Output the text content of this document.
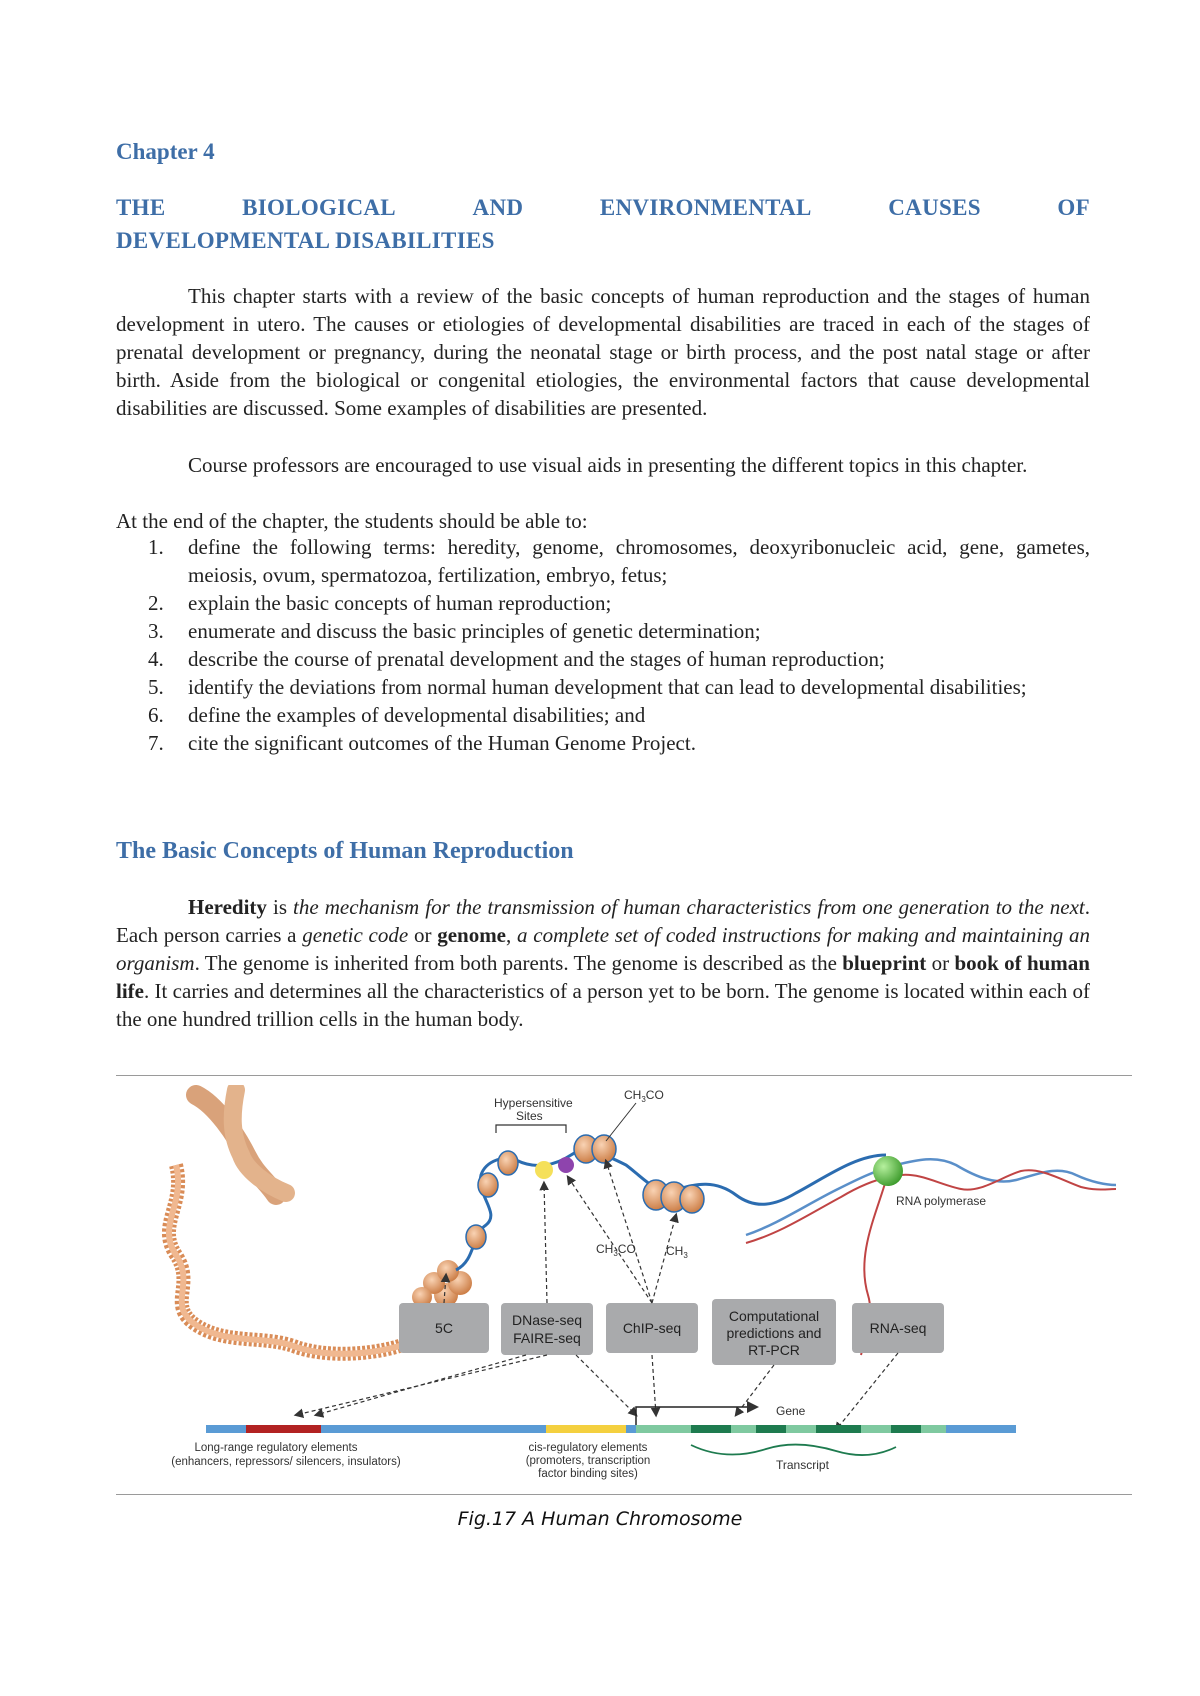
Chapter 4
THE	BIOLOGICAL	AND	ENVIRONMENTAL	CAUSES	OF
DEVELOPMENTAL DISABILITIES
This chapter starts with a review of the basic concepts of human reproduction and the stages of human development in utero. The causes or etiologies of developmental disabilities are traced in each of the stages of prenatal development or pregnancy, during the neonatal stage or birth process, and the post natal stage or after birth. Aside from the biological or congenital etiologies, the environmental factors that cause developmental disabilities are discussed. Some examples of disabilities are presented.
Course professors are encouraged to use visual aids in presenting the different topics in this chapter.
At the end of the chapter, the students should be able to:
1. define the following terms: heredity, genome, chromosomes, deoxyribonucleic acid, gene, gametes, meiosis, ovum, spermatozoa, fertilization, embryo, fetus;
2. explain the basic concepts of human reproduction;
3. enumerate and discuss the basic principles of genetic determination;
4. describe the course of prenatal development and the stages of human reproduction;
5. identify the deviations from normal human development that can lead to developmental disabilities;
6. define the examples of developmental disabilities; and
7. cite the significant outcomes of the Human Genome Project.
The Basic Concepts of Human Reproduction
Heredity is the mechanism for the transmission of human characteristics from one generation to the next. Each person carries a genetic code or genome, a complete set of coded instructions for making and maintaining an organism. The genome is inherited from both parents. The genome is described as the blueprint or book of human life. It carries and determines all the characteristics of a person yet to be born. The genome is located within each of the one hundred trillion cells in the human body.
Hypersensitive
Sites
$CH_3CO$
$CH_3CO$	$CH_3$
RNA polymerase
5C	DNase-seq
FAIRE-seq
ChIP-seq
Computational
predictions and
RT-PCR
RNA-seq
Gene
Transcript
Long-range regulatory elements
(enhancers, repressors/ silencers, insulators)
cis-regulatory elements
(promoters, transcription
factor binding sites)
Fig.17 A Human Chromosome
